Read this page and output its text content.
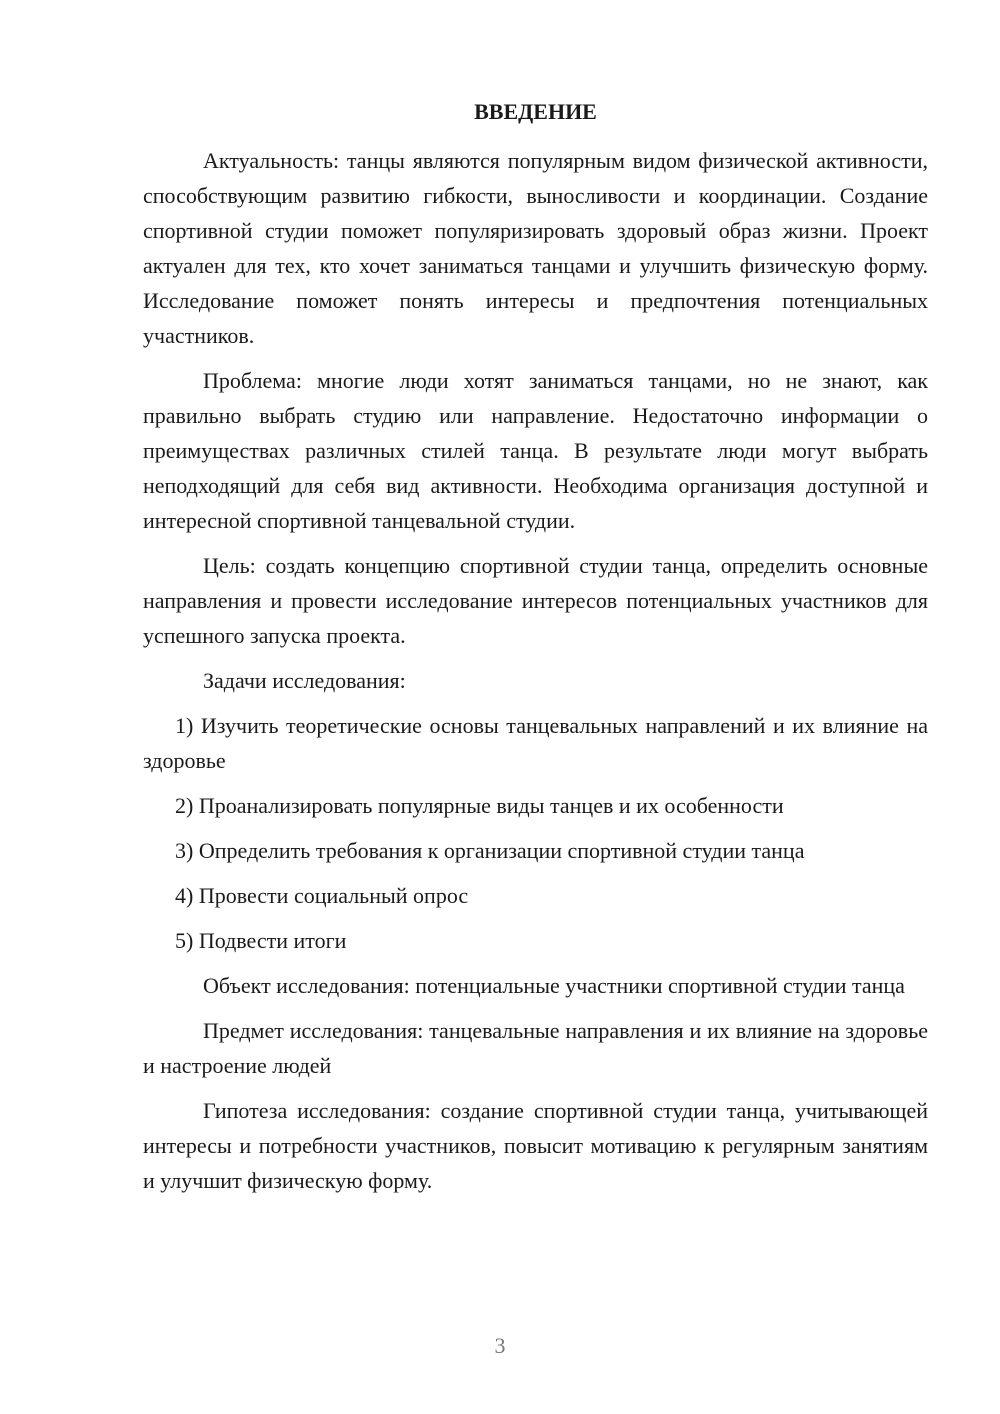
ВВЕДЕНИЕ

Актуальность: танцы являются популярным видом физической активности, способствующим развитию гибкости, выносливости и координации. Создание спортивной студии поможет популяризировать здоровый образ жизни. Проект актуален для тех, кто хочет заниматься танцами и улучшить физическую форму. Исследование поможет понять интересы и предпочтения потенциальных участников.

Проблема: многие люди хотят заниматься танцами, но не знают, как правильно выбрать студию или направление. Недостаточно информации о преимуществах различных стилей танца. В результате люди могут выбрать неподходящий для себя вид активности. Необходима организация доступной и интересной спортивной танцевальной студии.

Цель: создать концепцию спортивной студии танца, определить основные направления и провести исследование интересов потенциальных участников для успешного запуска проекта.

Задачи исследования:

1) Изучить теоретические основы танцевальных направлений и их влияние на здоровье

2) Проанализировать популярные виды танцев и их особенности

3) Определить требования к организации спортивной студии танца

4) Провести социальный опрос

5) Подвести итоги

Объект исследования: потенциальные участники спортивной студии танца

Предмет исследования: танцевальные направления и их влияние на здоровье и настроение людей

Гипотеза исследования: создание спортивной студии танца, учитывающей интересы и потребности участников, повысит мотивацию к регулярным занятиям и улучшит физическую форму.

3
